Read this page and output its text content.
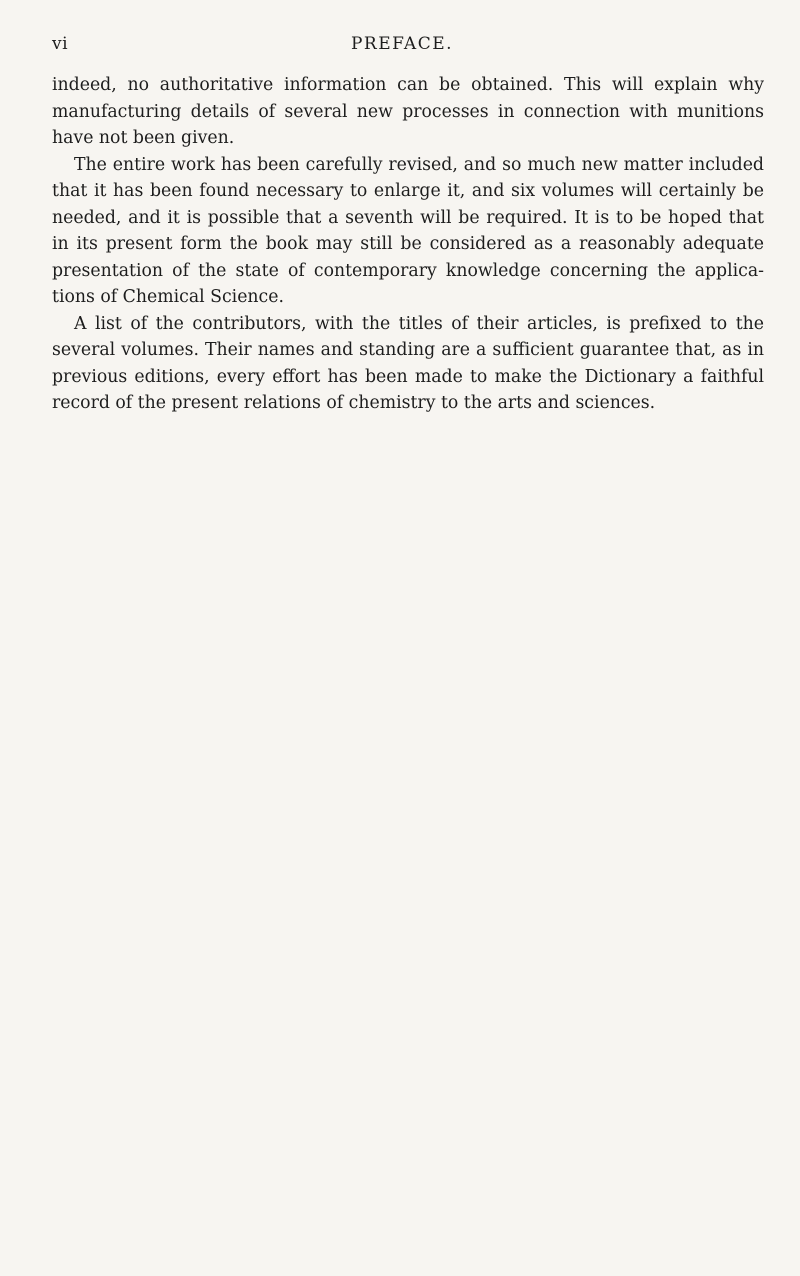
vi	PREFACE.

indeed, no authoritative information can be obtained. This will explain why manufacturing details of several new processes in connection with munitions have not been given.

The entire work has been carefully revised, and so much new matter included that it has been found necessary to enlarge it, and six volumes will certainly be needed, and it is possible that a seventh will be required. It is to be hoped that in its present form the book may still be considered as a reasonably adequate presentation of the state of contemporary knowledge concerning the applica-tions of Chemical Science.

A list of the contributors, with the titles of their articles, is prefixed to the several volumes. Their names and standing are a sufficient guarantee that, as in previous editions, every effort has been made to make the Dictionary a faithful record of the present relations of chemistry to the arts and sciences.
